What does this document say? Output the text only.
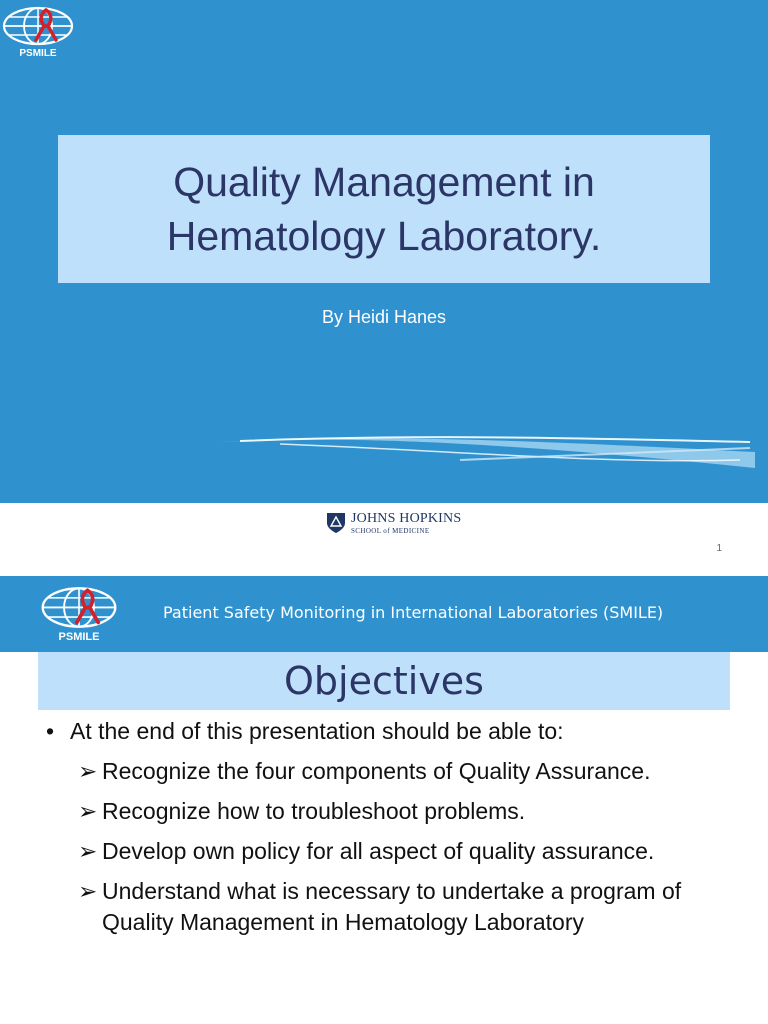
PSMILE
Quality Management in
Hematology Laboratory.
By Heidi Hanes
JOHNS HOPKINS
SCHOOL of MEDICINE
1
PSMILE
Patient Safety Monitoring in International Laboratories (SMILE)
Objectives
• At the end of this presentation should be able to:
➢ Recognize the four components of Quality Assurance.
➢ Recognize how to troubleshoot problems.
➢ Develop own policy for all aspect of quality assurance.
➢ Understand what is necessary to undertake a program of Quality Management in Hematology Laboratory
